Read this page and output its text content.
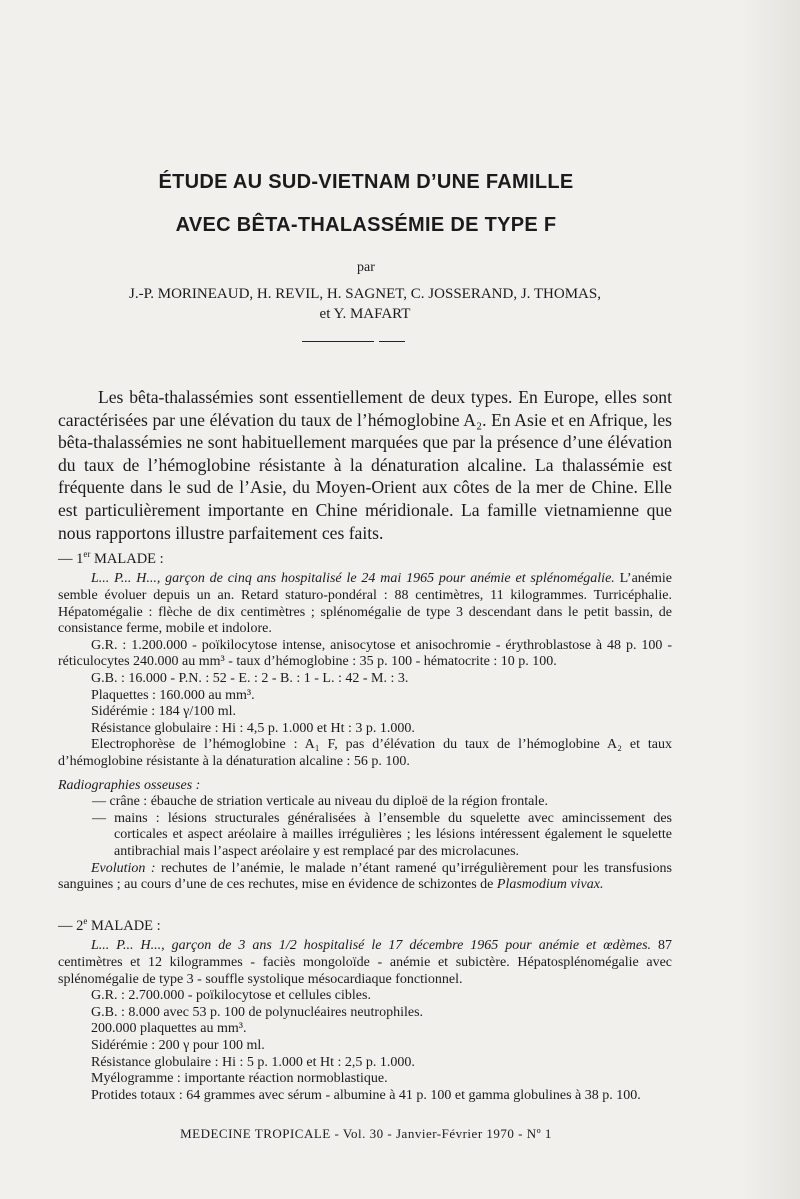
ÉTUDE AU SUD-VIETNAM D’UNE FAMILLE
AVEC BÊTA-THALASSÉMIE DE TYPE F
par
J.-P. MORINEAUD, H. REVIL, H. SAGNET, C. JOSSERAND, J. THOMAS,
et Y. MAFART

Les bêta-thalassémies sont essentiellement de deux types. En Europe, elles sont caractérisées par une élévation du taux de l’hémoglobine A₂. En Asie et en Afrique, les bêta-thalassémies ne sont habituellement marquées que par la présence d’une élévation du taux de l’hémoglobine résistante à la dénaturation alcaline. La thalassémie est fréquente dans le sud de l’Asie, du Moyen-Orient aux côtes de la mer de Chine. Elle est particulièrement importante en Chine méridionale. La famille vietnamienne que nous rapportons illustre parfaitement ces faits.

— 1er MALADE :

L... P... H..., garçon de cinq ans hospitalisé le 24 mai 1965 pour anémie et splénomégalie. L’anémie semble évoluer depuis un an. Retard staturo-pondéral : 88 centimètres, 11 kilogrammes. Turricéphalie. Hépatomégalie : flèche de dix centimètres ; splénomégalie de type 3 descendant dans le petit bassin, de consistance ferme, mobile et indolore.

G.R. : 1.200.000 - poïkilocytose intense, anisocytose et anisochromie - érythroblastose à 48 p. 100 - réticulocytes 240.000 au mm³ - taux d’hémoglobine : 35 p. 100 - hématocrite : 10 p. 100.

G.B. : 16.000 - P.N. : 52 - E. : 2 - B. : 1 - L. : 42 - M. : 3.

Plaquettes : 160.000 au mm³.

Sidérémie : 184 γ/100 ml.

Résistance globulaire : Hi : 4,5 p. 1.000 et Ht : 3 p. 1.000.

Electrophorèse de l’hémoglobine : A₁ F, pas d’élévation du taux de l’hémoglobine A₂ et taux d’hémoglobine résistante à la dénaturation alcaline : 56 p. 100.

Radiographies osseuses :

— crâne : ébauche de striation verticale au niveau du diploë de la région frontale.
— mains : lésions structurales généralisées à l’ensemble du squelette avec amincissement des corticales et aspect aréolaire à mailles irrégulières ; les lésions intéressent également le squelette antibrachial mais l’aspect aréolaire y est remplacé par des microlacunes.

Evolution : rechutes de l’anémie, le malade n’étant ramené qu’irrégulièrement pour les transfusions sanguines ; au cours d’une de ces rechutes, mise en évidence de schizontes de Plasmodium vivax.

— 2e MALADE :

L... P... H..., garçon de 3 ans 1/2 hospitalisé le 17 décembre 1965 pour anémie et œdèmes. 87 centimètres et 12 kilogrammes - faciès mongoloïde - anémie et subictère. Hépatosplénomégalie avec splénomégalie de type 3 - souffle systolique mésocardiaque fonctionnel.

G.R. : 2.700.000 - poïkilocytose et cellules cibles.

G.B. : 8.000 avec 53 p. 100 de polynucléaires neutrophiles.

200.000 plaquettes au mm³.

Sidérémie : 200 γ pour 100 ml.

Résistance globulaire : Hi : 5 p. 1.000 et Ht : 2,5 p. 1.000.

Myélogramme : importante réaction normoblastique.

Protides totaux : 64 grammes avec sérum - albumine à 41 p. 100 et gamma globulines à 38 p. 100.

MEDECINE TROPICALE - Vol. 30 - Janvier-Février 1970 - Nº 1
